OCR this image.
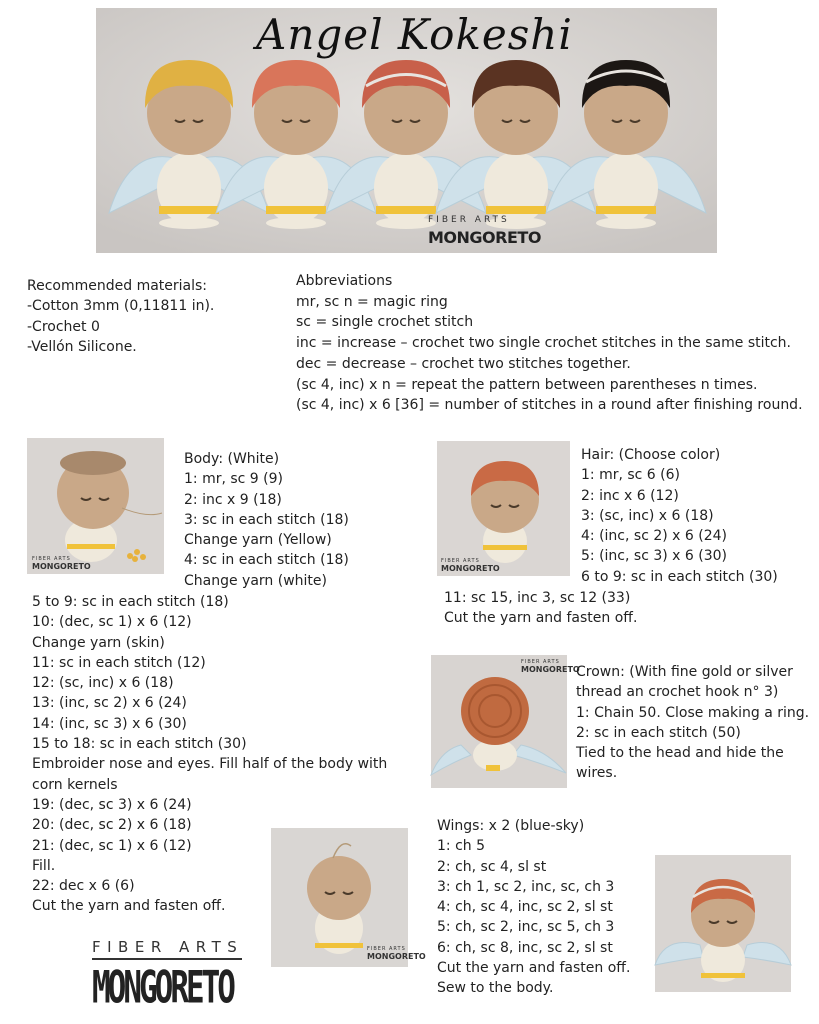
Angel Kokeshi
FIBER ARTS
MONGORETO
Recommended materials:
-Cotton 3mm (0,11811 in).
-Crochet 0
-Vellón Silicone.
Abbreviations
mr, sc n = magic ring
sc = single crochet stitch
inc = increase – crochet two single crochet stitches in the same stitch.
dec = decrease – crochet two stitches together.
(sc 4, inc) x n = repeat the pattern between parentheses n times.
(sc 4, inc) x 6 [36] = number of stitches in a round after finishing round.
FIBER ARTS
MONGORETO
Body: (White)
1: mr, sc 9 (9)
2: inc x 9 (18)
3: sc in each stitch (18)
Change yarn (Yellow)
4: sc in each stitch (18)
Change yarn (white)
5 to 9: sc in each stitch (18)
10: (dec, sc 1) x 6 (12)
Change yarn (skin)
11: sc in each stitch (12)
12: (sc, inc) x 6 (18)
13: (inc, sc 2) x 6 (24)
14: (inc, sc 3) x 6 (30)
15 to 18: sc in each stitch (30)
Embroider nose and eyes. Fill half of the body with
corn kernels
19: (dec, sc 3) x 6 (24)
20: (dec, sc 2) x 6 (18)
21: (dec, sc 1) x 6 (12)
Fill.
22: dec x 6 (6)
Cut the yarn and fasten off.
FIBER ARTS
MONGORETO
Hair: (Choose color)
1: mr, sc 6 (6)
2: inc x 6 (12)
3: (sc, inc) x 6 (18)
4: (inc, sc 2) x 6 (24)
5: (inc, sc 3) x 6 (30)
6 to 9: sc in each stitch (30)
11: sc 15, inc 3, sc 12 (33)
Cut the yarn and fasten off.
FIBER ARTS
MONGORETO
Crown: (With fine gold or silver
thread an crochet hook n° 3)
1: Chain 50. Close making a ring.
2: sc in each stitch (50)
Tied to the head and hide the
wires.
FIBER ARTS
MONGORETO
Wings: x 2 (blue-sky)
1: ch 5
2: ch, sc 4, sl st
3: ch 1, sc 2, inc, sc, ch 3
4: ch, sc 4, inc, sc 2, sl st
5: ch, sc 2, inc, sc 5, ch 3
6: ch, sc 8, inc, sc 2, sl st
Cut the yarn and fasten off.
Sew to the body.
FIBER ARTS
MONGORETO
